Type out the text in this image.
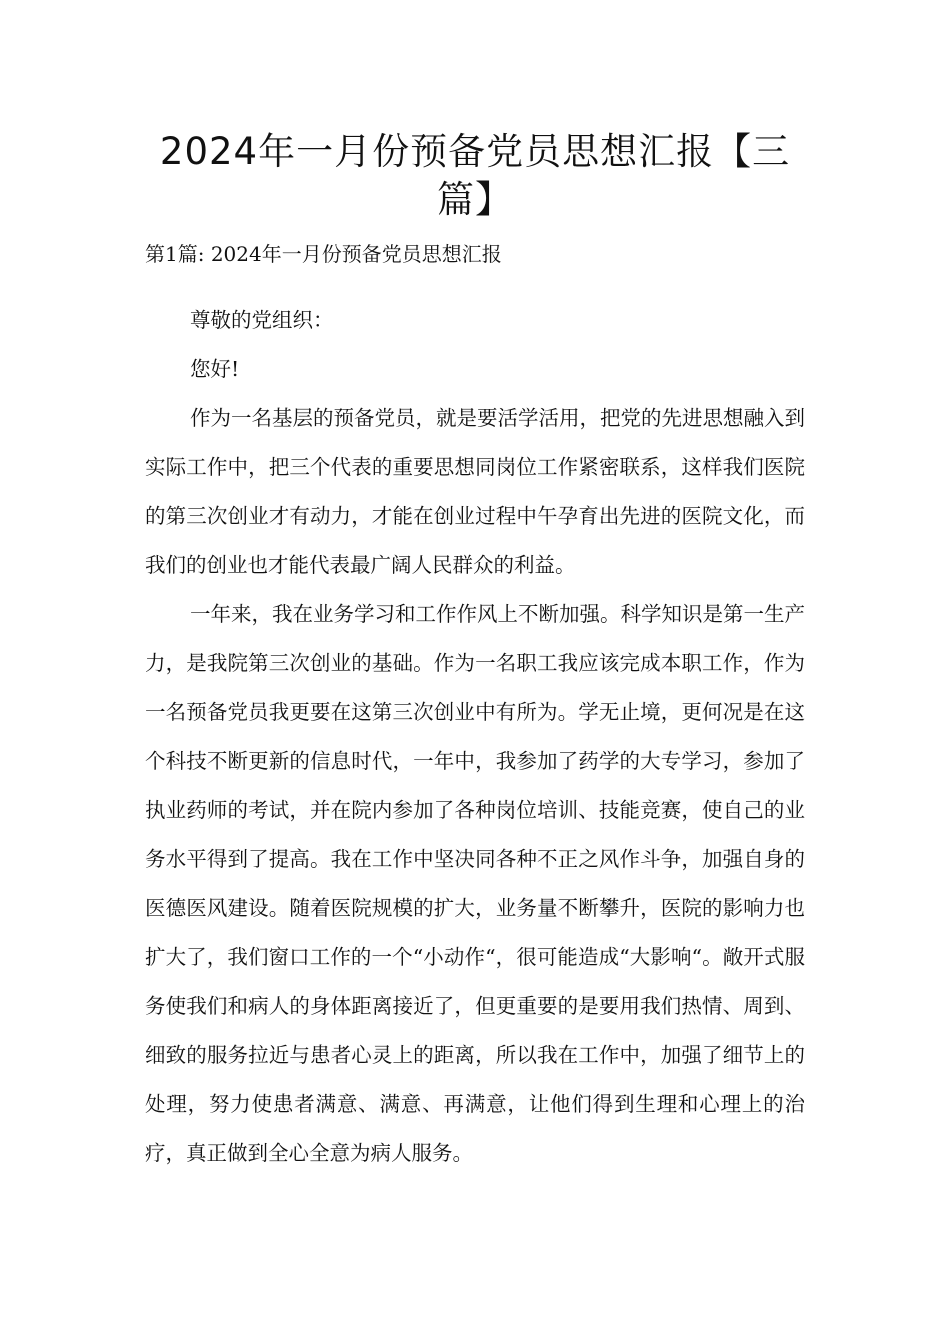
2024年一月份预备党员思想汇报【三篇】

第1篇: 2024年一月份预备党员思想汇报

尊敬的党组织：

您好!

作为一名基层的预备党员，就是要活学活用，把党的先进思想融入到实际工作中，把三个代表的重要思想同岗位工作紧密联系，这样我们医院的第三次创业才有动力，才能在创业过程中午孕育出先进的医院文化，而我们的创业也才能代表最广阔人民群众的利益。

一年来，我在业务学习和工作作风上不断加强。科学知识是第一生产力，是我院第三次创业的基础。作为一名职工我应该完成本职工作，作为一名预备党员我更要在这第三次创业中有所为。学无止境，更何况是在这个科技不断更新的信息时代，一年中，我参加了药学的大专学习，参加了执业药师的考试，并在院内参加了各种岗位培训、技能竞赛，使自己的业务水平得到了提高。我在工作中坚决同各种不正之风作斗争，加强自身的医德医风建设。随着医院规模的扩大，业务量不断攀升，医院的影响力也扩大了，我们窗口工作的一个“小动作“，很可能造成“大影响“。敞开式服务使我们和病人的身体距离接近了，但更重要的是要用我们热情、周到、细致的服务拉近与患者心灵上的距离，所以我在工作中，加强了细节上的处理，努力使患者满意、满意、再满意，让他们得到生理和心理上的治疗，真正做到全心全意为病人服务。
